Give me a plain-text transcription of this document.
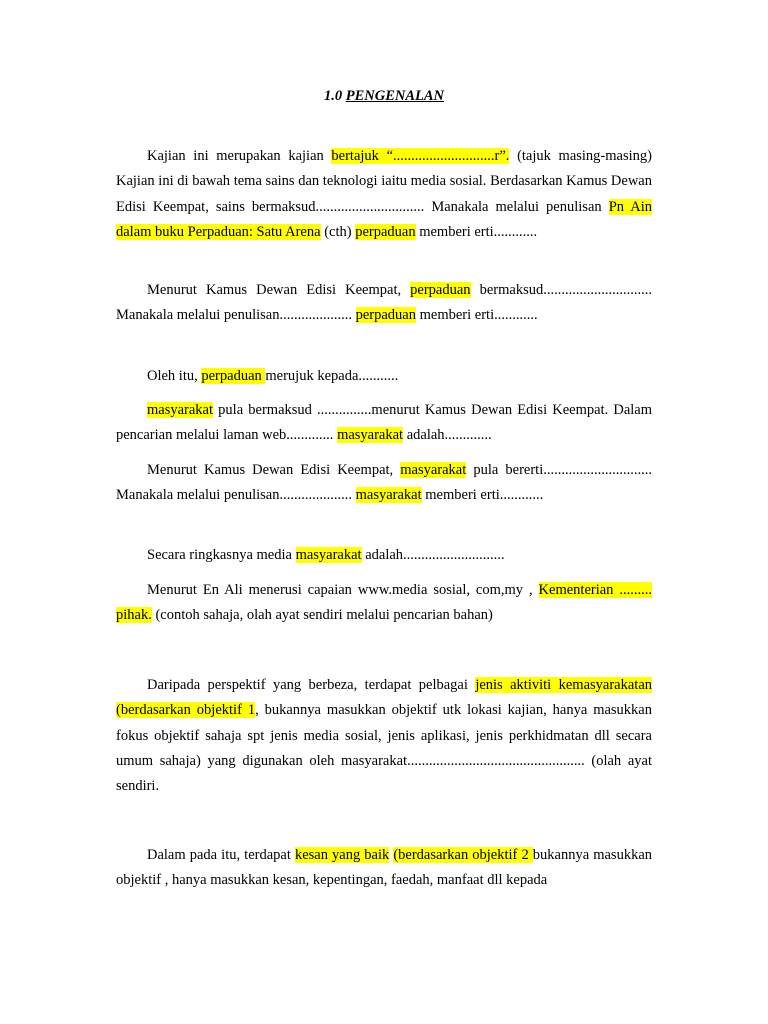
1.0 PENGENALAN
Kajian ini merupakan kajian bertajuk “............................r”. (tajuk masing-masing) Kajian ini di bawah tema sains dan teknologi iaitu media sosial. Berdasarkan Kamus Dewan Edisi Keempat, sains bermaksud.............................. Manakala melalui penulisan Pn Ain dalam buku Perpaduan: Satu Arena (cth) perpaduan memberi erti............
Menurut Kamus Dewan Edisi Keempat, perpaduan bermaksud.............................. Manakala melalui penulisan.................... perpaduan memberi erti............
Oleh itu, perpaduan merujuk kepada...........
masyarakat pula bermaksud ...............menurut Kamus Dewan Edisi Keempat. Dalam pencarian melalui laman web............. masyarakat adalah.............
Menurut Kamus Dewan Edisi Keempat, masyarakat pula bererti.............................. Manakala melalui penulisan.................... masyarakat memberi erti............
Secara ringkasnya media masyarakat adalah............................
Menurut En Ali menerusi capaian www.media sosial, com,my , Kementerian ......... pihak. (contoh sahaja, olah ayat sendiri melalui pencarian bahan)
Daripada perspektif yang berbeza, terdapat pelbagai jenis aktiviti kemasyarakatan (berdasarkan objektif 1, bukannya masukkan objektif utk lokasi kajian, hanya masukkan fokus objektif sahaja spt jenis media sosial, jenis aplikasi, jenis perkhidmatan dll secara umum sahaja) yang digunakan oleh masyarakat................................................. (olah ayat sendiri.
Dalam pada itu, terdapat kesan yang baik (berdasarkan objektif 2 bukannya masukkan objektif , hanya masukkan kesan, kepentingan, faedah, manfaat dll kepada
